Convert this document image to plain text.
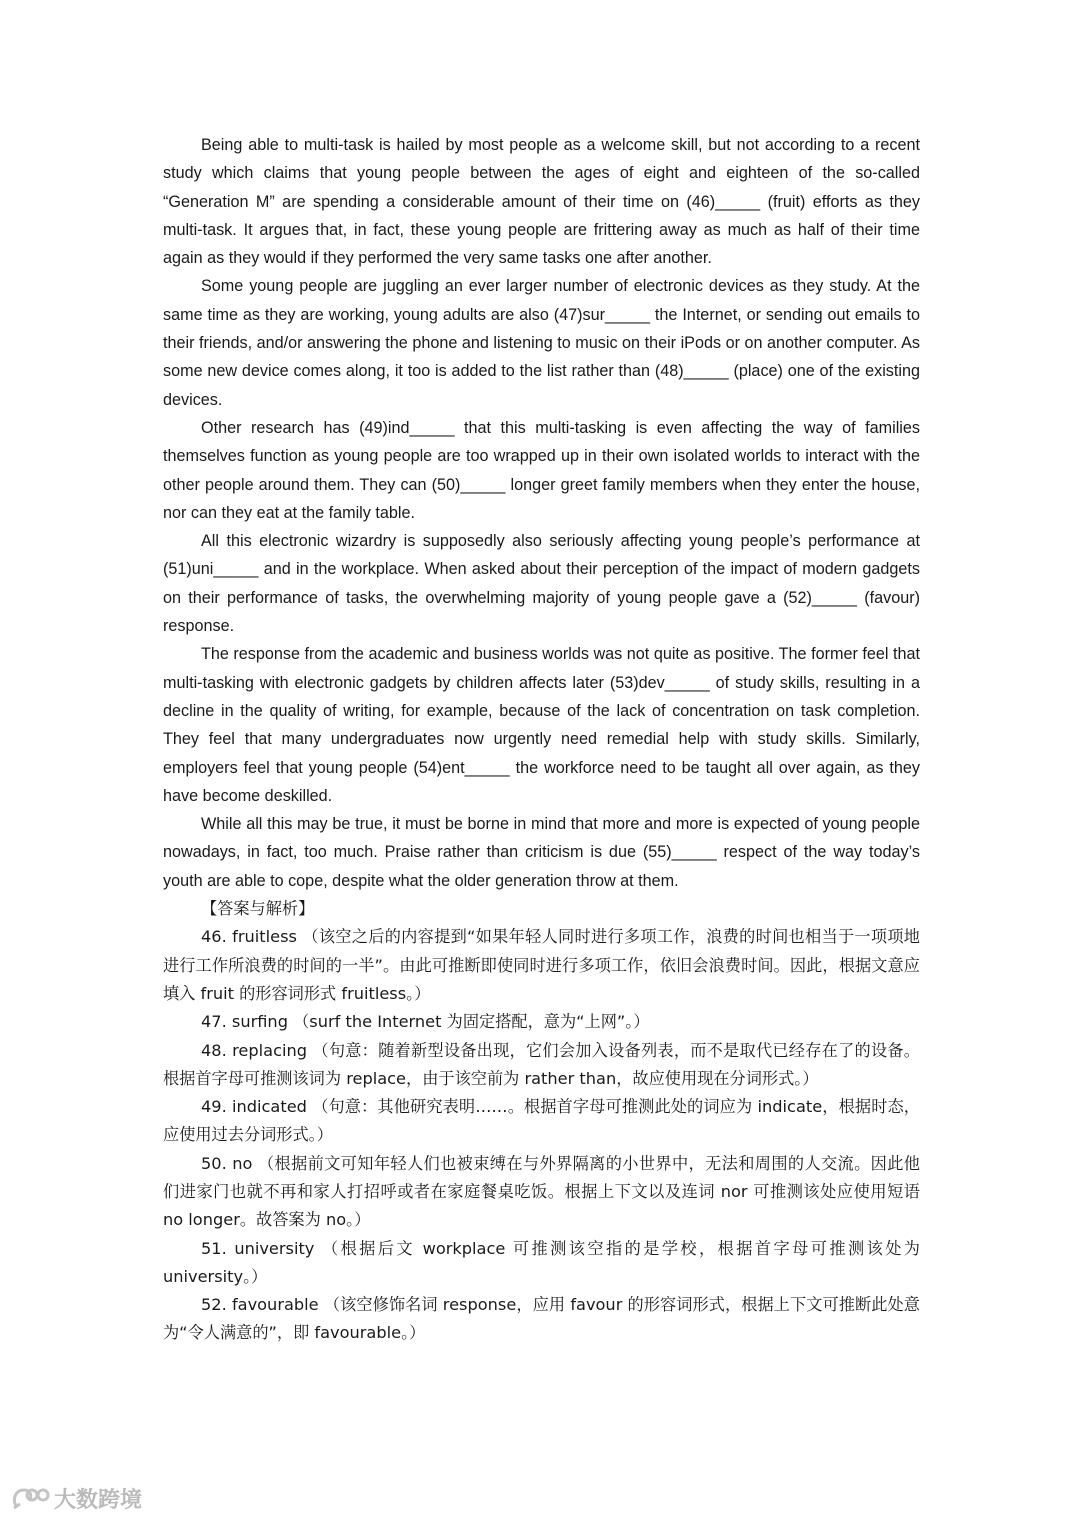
Being able to multi-task is hailed by most people as a welcome skill, but not according to a recent study which claims that young people between the ages of eight and eighteen of the so-called “Generation M” are spending a considerable amount of their time on (46)_____ (fruit) efforts as they multi-task. It argues that, in fact, these young people are frittering away as much as half of their time again as they would if they performed the very same tasks one after another.

Some young people are juggling an ever larger number of electronic devices as they study. At the same time as they are working, young adults are also (47)sur_____ the Internet, or sending out emails to their friends, and/or answering the phone and listening to music on their iPods or on another computer. As some new device comes along, it too is added to the list rather than (48)_____ (place) one of the existing devices.

Other research has (49)ind_____ that this multi-tasking is even affecting the way of families themselves function as young people are too wrapped up in their own isolated worlds to interact with the other people around them. They can (50)_____ longer greet family members when they enter the house, nor can they eat at the family table.

All this electronic wizardry is supposedly also seriously affecting young people’s performance at (51)uni_____ and in the workplace. When asked about their perception of the impact of modern gadgets on their performance of tasks, the overwhelming majority of young people gave a (52)_____ (favour) response.

The response from the academic and business worlds was not quite as positive. The former feel that multi-tasking with electronic gadgets by children affects later (53)dev_____ of study skills, resulting in a decline in the quality of writing, for example, because of the lack of concentration on task completion. They feel that many undergraduates now urgently need remedial help with study skills. Similarly, employers feel that young people (54)ent_____ the workforce need to be taught all over again, as they have become deskilled.

While all this may be true, it must be borne in mind that more and more is expected of young people nowadays, in fact, too much. Praise rather than criticism is due (55)_____ respect of the way today’s youth are able to cope, despite what the older generation throw at them.

【答案与解析】

46. fruitless （该空之后的内容提到“如果年轻人同时进行多项工作，浪费的时间也相当于一项项地进行工作所浪费的时间的一半”。由此可推断即使同时进行多项工作，依旧会浪费时间。因此，根据文意应填入 fruit 的形容词形式 fruitless。）

47. surfing （surf the Internet 为固定搭配，意为“上网”。）

48. replacing （句意：随着新型设备出现，它们会加入设备列表，而不是取代已经存在了的设备。根据首字母可推测该词为 replace，由于该空前为 rather than，故应使用现在分词形式。）

49. indicated （句意：其他研究表明……。根据首字母可推测此处的词应为 indicate，根据时态，应使用过去分词形式。）

50. no （根据前文可知年轻人们也被束缚在与外界隔离的小世界中，无法和周围的人交流。因此他们进家门也就不再和家人打招呼或者在家庭餐桌吃饭。根据上下文以及连词 nor 可推测该处应使用短语 no longer。故答案为 no。）

51. university （根据后文 workplace 可推测该空指的是学校，根据首字母可推测该处为 university。）

52. favourable （该空修饰名词 response，应用 favour 的形容词形式，根据上下文可推断此处意为“令人满意的”，即 favourable。）

大数跨境
